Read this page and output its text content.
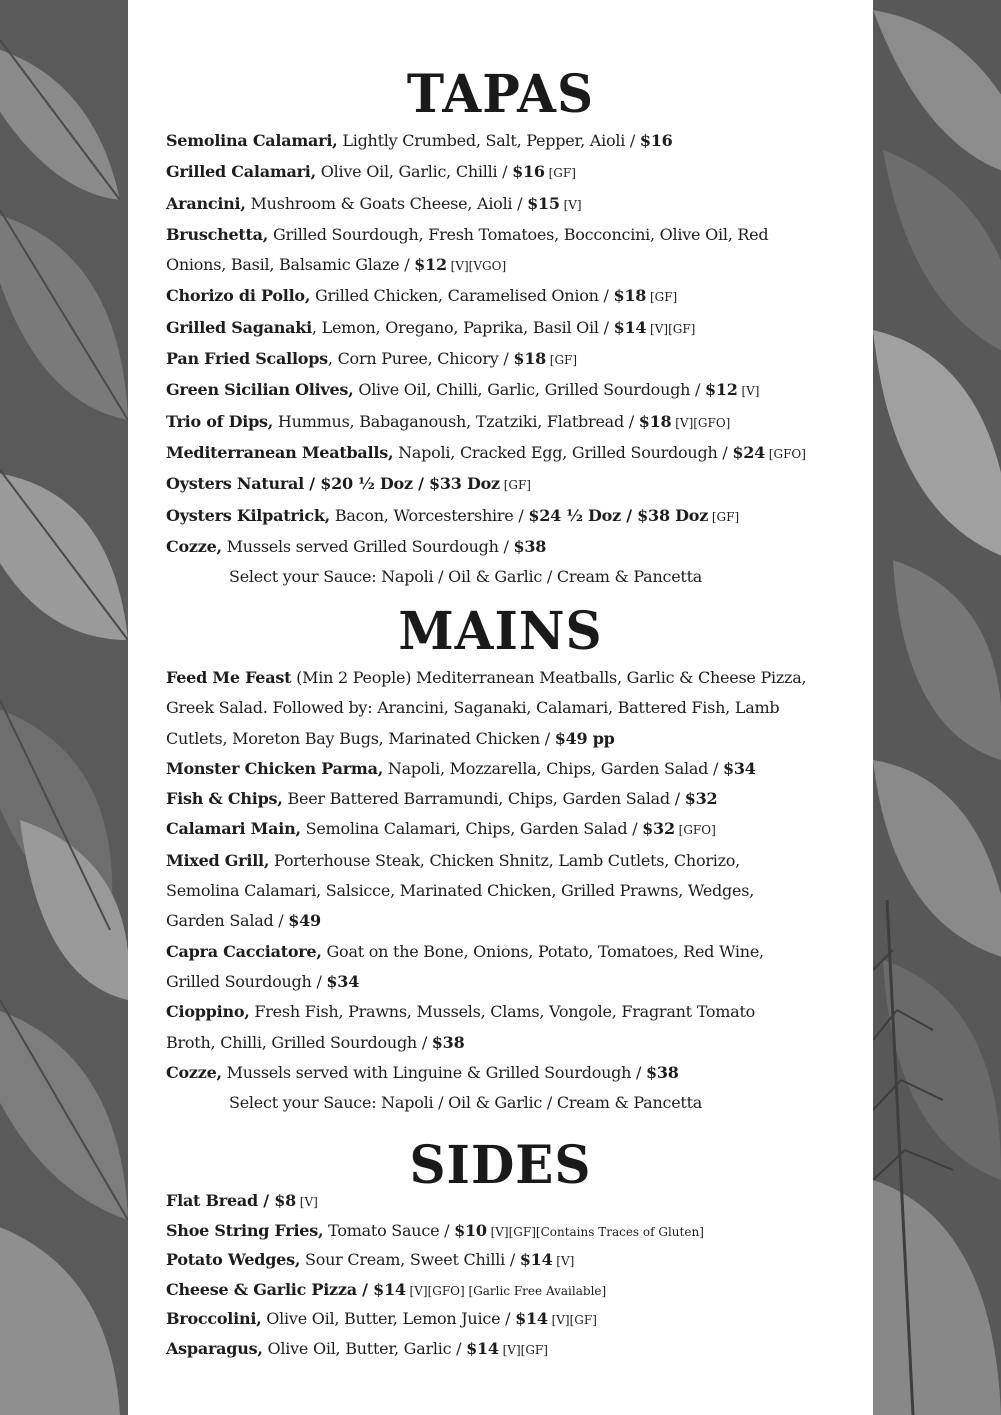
TAPAS
Semolina Calamari, Lightly Crumbed, Salt, Pepper, Aioli / $16
Grilled Calamari, Olive Oil, Garlic, Chilli / $16 [GF]
Arancini, Mushroom & Goats Cheese, Aioli / $15 [V]
Bruschetta, Grilled Sourdough, Fresh Tomatoes, Bocconcini, Olive Oil, Red
Onions, Basil, Balsamic Glaze / $12 [V][VGO]
Chorizo di Pollo, Grilled Chicken, Caramelised Onion / $18 [GF]
Grilled Saganaki, Lemon, Oregano, Paprika, Basil Oil / $14 [V][GF]
Pan Fried Scallops, Corn Puree, Chicory / $18 [GF]
Green Sicilian Olives, Olive Oil, Chilli, Garlic, Grilled Sourdough / $12 [V]
Trio of Dips, Hummus, Babaganoush, Tzatziki, Flatbread / $18 [V][GFO]
Mediterranean Meatballs, Napoli, Cracked Egg, Grilled Sourdough / $24 [GFO]
Oysters Natural / $20 ½ Doz / $33 Doz [GF]
Oysters Kilpatrick, Bacon, Worcestershire / $24 ½ Doz / $38 Doz [GF]
Cozze, Mussels served Grilled Sourdough / $38
Select your Sauce: Napoli / Oil & Garlic / Cream & Pancetta
MAINS
Feed Me Feast (Min 2 People) Mediterranean Meatballs, Garlic & Cheese Pizza,
Greek Salad. Followed by: Arancini, Saganaki, Calamari, Battered Fish, Lamb
Cutlets, Moreton Bay Bugs, Marinated Chicken / $49 pp
Monster Chicken Parma, Napoli, Mozzarella, Chips, Garden Salad / $34
Fish & Chips, Beer Battered Barramundi, Chips, Garden Salad / $32
Calamari Main, Semolina Calamari, Chips, Garden Salad / $32 [GFO]
Mixed Grill, Porterhouse Steak, Chicken Shnitz, Lamb Cutlets, Chorizo,
Semolina Calamari, Salsicce, Marinated Chicken, Grilled Prawns, Wedges,
Garden Salad / $49
Capra Cacciatore, Goat on the Bone, Onions, Potato, Tomatoes, Red Wine,
Grilled Sourdough / $34
Cioppino, Fresh Fish, Prawns, Mussels, Clams, Vongole, Fragrant Tomato
Broth, Chilli, Grilled Sourdough / $38
Cozze, Mussels served with Linguine & Grilled Sourdough / $38
Select your Sauce: Napoli / Oil & Garlic / Cream & Pancetta
SIDES
Flat Bread / $8 [V]
Shoe String Fries, Tomato Sauce / $10 [V][GF][Contains Traces of Gluten]
Potato Wedges, Sour Cream, Sweet Chilli / $14 [V]
Cheese & Garlic Pizza / $14 [V][GFO] [Garlic Free Available]
Broccolini, Olive Oil, Butter, Lemon Juice / $14 [V][GF]
Asparagus, Olive Oil, Butter, Garlic / $14 [V][GF]
